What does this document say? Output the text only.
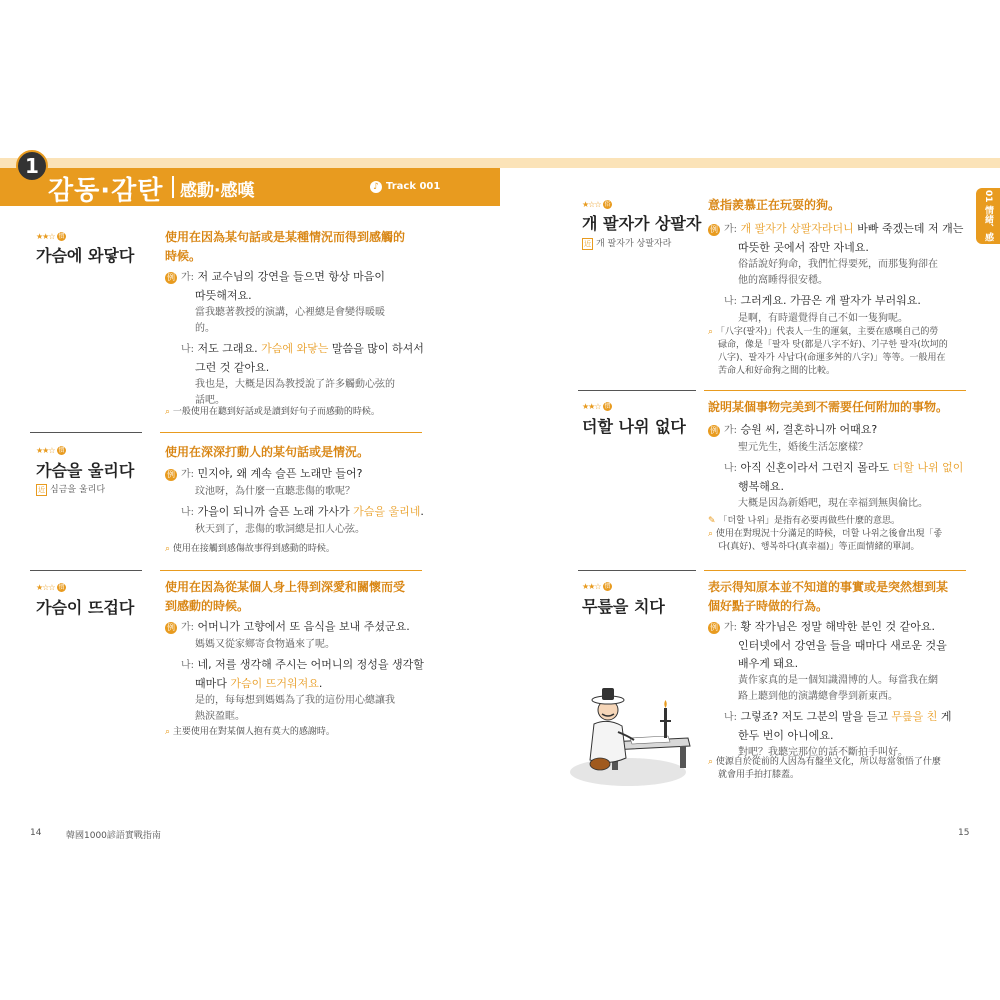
1
감동·감탄 感動·感嘆	♪ Track 001
01 情緒、感官
★★☆ 慣
가슴에 와닿다
使用在因為某句話或是某種情況而得到感觸的
時候。
例 가: 저 교수님의 강연을 들으면 항상 마음이
따뜻해져요.
當我聽著教授的演講，心裡總是會變得暖暖
的。
나: 저도 그래요. 가슴에 와닿는 말씀을 많이 하셔서
그런 것 같아요.
我也是，大概是因為教授說了許多觸動心弦的
話吧。
⌕ 一般使用在聽到好話或是讀到好句子而感動的時候。
★★☆ 慣
가슴을 울리다
近 심금을 울리다
使用在深深打動人的某句話或是情況。
例 가: 민지야, 왜 계속 슬픈 노래만 들어?
玟池呀，為什麼一直聽悲傷的歌呢？
나: 가을이 되니까 슬픈 노래 가사가 가슴을 울리네.
秋天到了，悲傷的歌詞總是扣人心弦。
⌕ 使用在接觸到感傷故事得到感動的時候。
★☆☆ 慣
가슴이 뜨겁다
使用在因為從某個人身上得到深愛和關懷而受
到感動的時候。
例 가: 어머니가 고향에서 또 음식을 보내 주셨군요.
媽媽又從家鄉寄食物過來了呢。
나: 네, 저를 생각해 주시는 어머니의 정성을 생각할
때마다 가슴이 뜨거워져요.
是的，每每想到媽媽為了我的這份用心總讓我
熱淚盈眶。
⌕ 主要使用在對某個人抱有莫大的感謝時。
★☆☆ 俗
개 팔자가 상팔자
近 개 팔자가 상팔자라
意指羨慕正在玩耍的狗。
例 가: 개 팔자가 상팔자라더니 바빠 죽겠는데 저 개는
따뜻한 곳에서 잠만 자네요.
俗話說好狗命，我們忙得要死，而那隻狗卻在
他的窩睡得很安穩。
나: 그러게요. 가끔은 개 팔자가 부러워요.
是啊，有時還覺得自己不如一隻狗呢。
⌕ 「八字(팔자)」代表人一生的運氣，主要在感嘆自己的勞
碌命，像是「팔자 탓(都是八字不好)、기구한 팔자(坎坷的
八字)、팔자가 사납다(命運多舛的八字)」等等。一般用在
苦命人和好命狗之間的比較。
★★☆ 慣
더할 나위 없다
說明某個事物完美到不需要任何附加的事物。
例 가: 승원 씨, 결혼하니까 어때요?
聖元先生，婚後生活怎麼樣？
나: 아직 신혼이라서 그런지 몰라도 더할 나위 없이
행복해요.
大概是因為新婚吧，現在幸福到無與倫比。
✎ 「더할 나위」是指有必要再做些什麼的意思。
⌕ 使用在對現況十分滿足的時候，더할 나위之後會出現「좋
다(真好)、행복하다(真幸福)」等正面情緒的單詞。
★★☆ 慣
무릎을 치다
表示得知原本並不知道的事實或是突然想到某
個好點子時做的行為。
例 가: 황 작가님은 정말 해박한 분인 것 같아요.
인터넷에서 강연을 들을 때마다 새로운 것을
배우게 돼요.
黃作家真的是一個知識淵博的人。每當我在網
路上聽到他的演講總會學到新東西。
나: 그렇죠? 저도 그분의 말을 듣고 무릎을 친 게
한두 번이 아니에요.
對吧？我聽完那位的話不斷拍手叫好。
⌕ 使源自於從前的人因為有盤坐文化，所以每當領悟了什麼
就會用手拍打膝蓋。
14	韓國1000諺語實戰指南	15
